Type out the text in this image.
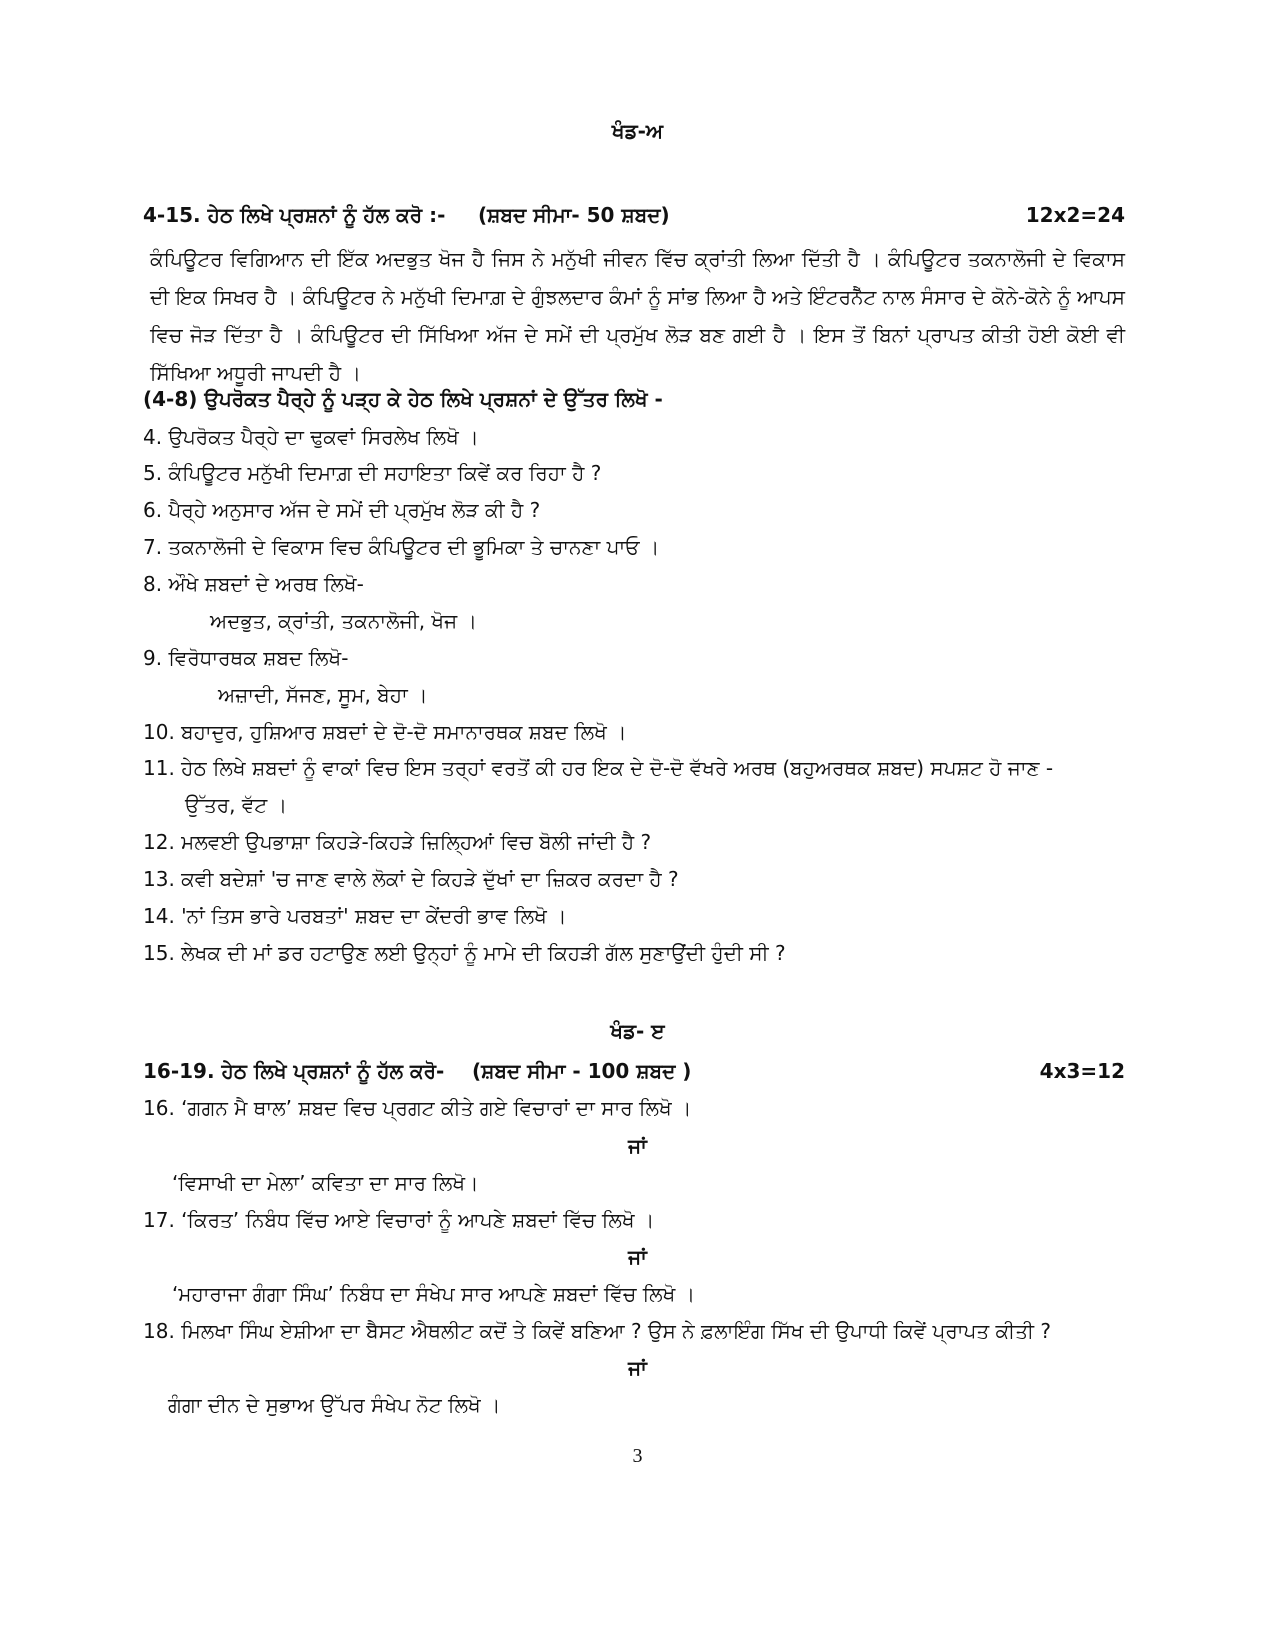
ਖੰਡ-ਅ
4-15. ਹੇਠ ਲਿਖੇ ਪ੍ਰਸ਼ਨਾਂ ਨੂੰ ਹੱਲ ਕਰੋ :- (ਸ਼ਬਦ ਸੀਮਾ- 50 ਸ਼ਬਦ)	12x2=24
ਕੰਪਿਊਟਰ ਵਿਗਿਆਨ ਦੀ ਇੱਕ ਅਦਭੁਤ ਖੋਜ ਹੈ ਜਿਸ ਨੇ ਮਨੁੱਖੀ ਜੀਵਨ ਵਿੱਚ ਕ੍ਰਾਂਤੀ ਲਿਆ ਦਿੱਤੀ ਹੈ । ਕੰਪਿਊਟਰ ਤਕਨਾਲੋਜੀ ਦੇ ਵਿਕਾਸ ਦੀ ਇਕ ਸਿਖਰ ਹੈ । ਕੰਪਿਊਟਰ ਨੇ ਮਨੁੱਖੀ ਦਿਮਾਗ਼ ਦੇ ਗੁੰਝਲਦਾਰ ਕੰਮਾਂ ਨੂੰ ਸਾਂਭ ਲਿਆ ਹੈ ਅਤੇ ਇੰਟਰਨੈੱਟ ਨਾਲ ਸੰਸਾਰ ਦੇ ਕੋਨੇ-ਕੋਨੇ ਨੂੰ ਆਪਸ ਵਿਚ ਜੋੜ ਦਿੱਤਾ ਹੈ । ਕੰਪਿਊਟਰ ਦੀ ਸਿੱਖਿਆ ਅੱਜ ਦੇ ਸਮੇਂ ਦੀ ਪ੍ਰਮੁੱਖ ਲੋੜ ਬਣ ਗਈ ਹੈ । ਇਸ ਤੋਂ ਬਿਨਾਂ ਪ੍ਰਾਪਤ ਕੀਤੀ ਹੋਈ ਕੋਈ ਵੀ ਸਿੱਖਿਆ ਅਧੂਰੀ ਜਾਪਦੀ ਹੈ ।
(4-8) ਉਪਰੋਕਤ ਪੈਰ੍ਹੇ ਨੂੰ ਪੜ੍ਹ ਕੇ ਹੇਠ ਲਿਖੇ ਪ੍ਰਸ਼ਨਾਂ ਦੇ ਉੱਤਰ ਲਿਖੋ -
4. ਉਪਰੋਕਤ ਪੈਰ੍ਹੇ ਦਾ ਢੁਕਵਾਂ ਸਿਰਲੇਖ ਲਿਖੋ ।
5. ਕੰਪਿਊਟਰ ਮਨੁੱਖੀ ਦਿਮਾਗ਼ ਦੀ ਸਹਾਇਤਾ ਕਿਵੇਂ ਕਰ ਰਿਹਾ ਹੈ ?
6. ਪੈਰ੍ਹੇ ਅਨੁਸਾਰ ਅੱਜ ਦੇ ਸਮੇਂ ਦੀ ਪ੍ਰਮੁੱਖ ਲੋੜ ਕੀ ਹੈ ?
7. ਤਕਨਾਲੋਜੀ ਦੇ ਵਿਕਾਸ ਵਿਚ ਕੰਪਿਊਟਰ ਦੀ ਭੂਮਿਕਾ ਤੇ ਚਾਨਣਾ ਪਾਓ ।
8. ਔਖੇ ਸ਼ਬਦਾਂ ਦੇ ਅਰਥ ਲਿਖੋ-
ਅਦਭੁਤ, ਕ੍ਰਾਂਤੀ, ਤਕਨਾਲੋਜੀ, ਖੋਜ ।
9. ਵਿਰੋਧਾਰਥਕ ਸ਼ਬਦ ਲਿਖੋ-
ਅਜ਼ਾਦੀ, ਸੱਜਣ, ਸੂਮ, ਬੇਹਾ ।
10. ਬਹਾਦੁਰ, ਹੁਸ਼ਿਆਰ ਸ਼ਬਦਾਂ ਦੇ ਦੋ-ਦੋ ਸਮਾਨਾਰਥਕ ਸ਼ਬਦ ਲਿਖੋ ।
11. ਹੇਠ ਲਿਖੇ ਸ਼ਬਦਾਂ ਨੂੰ ਵਾਕਾਂ ਵਿਚ ਇਸ ਤਰ੍ਹਾਂ ਵਰਤੋਂ ਕੀ ਹਰ ਇਕ ਦੇ ਦੋ-ਦੋ ਵੱਖਰੇ ਅਰਥ (ਬਹੁਅਰਥਕ ਸ਼ਬਦ) ਸਪਸ਼ਟ ਹੋ ਜਾਣ -
ਉੱਤਰ, ਵੱਟ ।
12. ਮਲਵਈ ਉਪਭਾਸ਼ਾ ਕਿਹੜੇ-ਕਿਹੜੇ ਜ਼ਿਲ੍ਹਿਆਂ ਵਿਚ ਬੋਲੀ ਜਾਂਦੀ ਹੈ ?
13. ਕਵੀ ਬਦੇਸ਼ਾਂ 'ਚ ਜਾਣ ਵਾਲੇ ਲੋਕਾਂ ਦੇ ਕਿਹੜੇ ਦੁੱਖਾਂ ਦਾ ਜ਼ਿਕਰ ਕਰਦਾ ਹੈ ?
14. 'ਨਾਂ ਤਿਸ ਭਾਰੇ ਪਰਬਤਾਂ' ਸ਼ਬਦ ਦਾ ਕੇਂਦਰੀ ਭਾਵ ਲਿਖੋ ।
15. ਲੇਖਕ ਦੀ ਮਾਂ ਡਰ ਹਟਾਉਣ ਲਈ ਉਨ੍ਹਾਂ ਨੂੰ ਮਾਮੇ ਦੀ ਕਿਹੜੀ ਗੱਲ ਸੁਣਾਉਂਦੀ ਹੁੰਦੀ ਸੀ ?
ਖੰਡ- ੲ
16-19. ਹੇਠ ਲਿਖੇ ਪ੍ਰਸ਼ਨਾਂ ਨੂੰ ਹੱਲ ਕਰੋ- (ਸ਼ਬਦ ਸੀਮਾ - 100 ਸ਼ਬਦ )	4x3=12
16. ‘ਗਗਨ ਮੈ ਥਾਲ’ ਸ਼ਬਦ ਵਿਚ ਪ੍ਰਗਟ ਕੀਤੇ ਗਏ ਵਿਚਾਰਾਂ ਦਾ ਸਾਰ ਲਿਖੋ ।
ਜਾਂ
‘ਵਿਸਾਖੀ ਦਾ ਮੇਲਾ’ ਕਵਿਤਾ ਦਾ ਸਾਰ ਲਿਖੋ।
17. ‘ਕਿਰਤ’ ਨਿਬੰਧ ਵਿੱਚ ਆਏ ਵਿਚਾਰਾਂ ਨੂੰ ਆਪਣੇ ਸ਼ਬਦਾਂ ਵਿੱਚ ਲਿਖੋ ।
ਜਾਂ
‘ਮਹਾਰਾਜਾ ਗੰਗਾ ਸਿੰਘ’ ਨਿਬੰਧ ਦਾ ਸੰਖੇਪ ਸਾਰ ਆਪਣੇ ਸ਼ਬਦਾਂ ਵਿੱਚ ਲਿਖੋ ।
18. ਮਿਲਖਾ ਸਿੰਘ ਏਸ਼ੀਆ ਦਾ ਬੈਸਟ ਐਥਲੀਟ ਕਦੋਂ ਤੇ ਕਿਵੇਂ ਬਣਿਆ ? ਉਸ ਨੇ ਫ਼ਲਾਇੰਗ ਸਿੱਖ ਦੀ ਉਪਾਧੀ ਕਿਵੇਂ ਪ੍ਰਾਪਤ ਕੀਤੀ ?
ਜਾਂ
ਗੰਗਾ ਦੀਨ ਦੇ ਸੁਭਾਅ ਉੱਪਰ ਸੰਖੇਪ ਨੋਟ ਲਿਖੋ ।
3
